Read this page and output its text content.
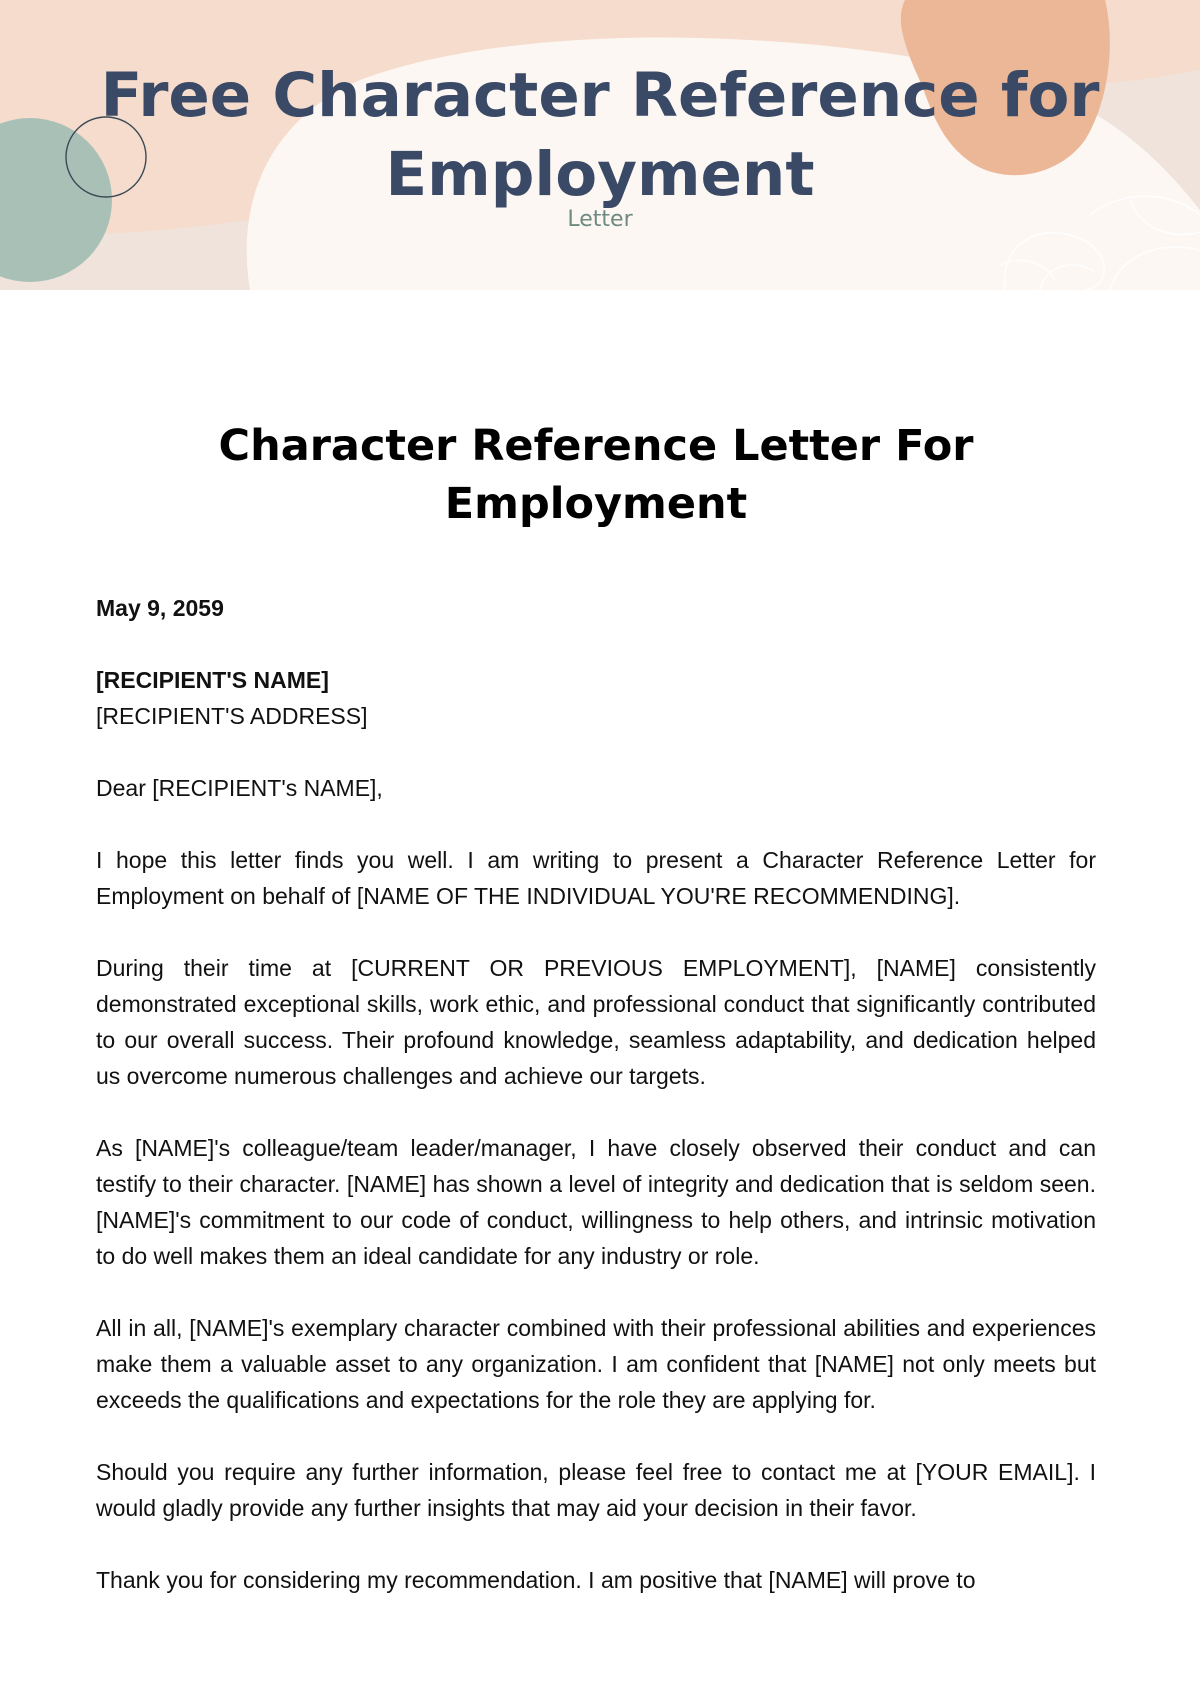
Free Character Reference for
Employment
Letter
Character Reference Letter For
Employment

May 9, 2059

[RECIPIENT'S NAME]
[RECIPIENT'S ADDRESS]

Dear [RECIPIENT's NAME],

I hope this letter finds you well. I am writing to present a Character Reference Letter for Employment on behalf of [NAME OF THE INDIVIDUAL YOU'RE RECOMMENDING].

During their time at [CURRENT OR PREVIOUS EMPLOYMENT], [NAME] consistently demonstrated exceptional skills, work ethic, and professional conduct that significantly contributed to our overall success. Their profound knowledge, seamless adaptability, and dedication helped us overcome numerous challenges and achieve our targets.

As [NAME]'s colleague/team leader/manager, I have closely observed their conduct and can testify to their character. [NAME] has shown a level of integrity and dedication that is seldom seen. [NAME]'s commitment to our code of conduct, willingness to help others, and intrinsic motivation to do well makes them an ideal candidate for any industry or role.

All in all, [NAME]'s exemplary character combined with their professional abilities and experiences make them a valuable asset to any organization. I am confident that [NAME] not only meets but exceeds the qualifications and expectations for the role they are applying for.

Should you require any further information, please feel free to contact me at [YOUR EMAIL]. I would gladly provide any further insights that may aid your decision in their favor.

Thank you for considering my recommendation. I am positive that [NAME] will prove to
